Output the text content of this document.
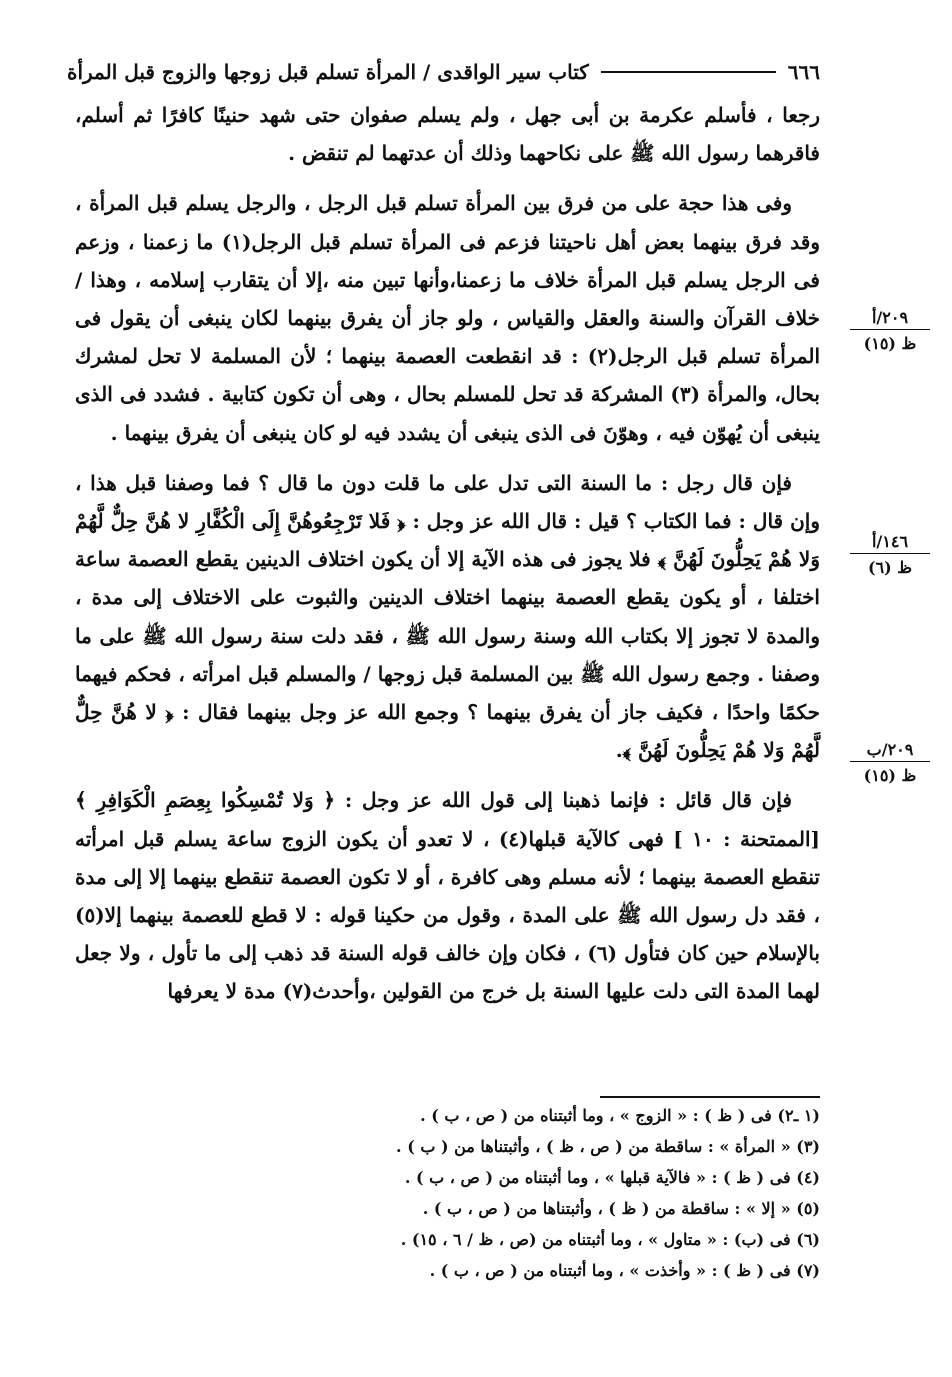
٦٦٦
كتاب سير الواقدى / المرأة تسلم قبل زوجها والزوج قبل المرأة

رجعا ، فأسلم عكرمة بن أبى جهل ، ولم يسلم صفوان حتى شهد حنينًا كافرًا ثم أسلم، فاقرهما رسول الله ﷺ على نكاحهما وذلك أن عدتهما لم تنقض .

وفى هذا حجة على من فرق بين المرأة تسلم قبل الرجل ، والرجل يسلم قبل المرأة ، وقد فرق بينهما بعض أهل ناحيتنا فزعم فى المرأة تسلم قبل الرجل(١) ما زعمنا ، وزعم فى الرجل يسلم قبل المرأة خلاف ما زعمنا،وأنها تبين منه ،إلا أن يتقارب إسلامه ، وهذا / خلاف القرآن والسنة والعقل والقياس ، ولو جاز أن يفرق بينهما لكان ينبغى أن يقول فى المرأة تسلم قبل الرجل(٢) : قد انقطعت العصمة بينهما ؛ لأن المسلمة لا تحل لمشرك بحال، والمرأة (٣) المشركة قد تحل للمسلم بحال ، وهى أن تكون كتابية . فشدد فى الذى ينبغى أن يُهوّن فيه ، وهوّنَ فى الذى ينبغى أن يشدد فيه لو كان ينبغى أن يفرق بينهما .

فإن قال رجل : ما السنة التى تدل على ما قلت دون ما قال ؟ فما وصفنا قبل هذا ، وإن قال : فما الكتاب ؟ قيل : قال الله عز وجل : ﴿ فَلا تَرْجِعُوهُنَّ إِلَى الْكُفَّارِ لا هُنَّ حِلٌّ لَّهُمْ وَلا هُمْ يَحِلُّونَ لَهُنَّ ﴾ فلا يجوز فى هذه الآية إلا أن يكون اختلاف الدينين يقطع العصمة ساعة اختلفا ، أو يكون يقطع العصمة بينهما اختلاف الدينين والثبوت على الاختلاف إلى مدة ، والمدة لا تجوز إلا بكتاب الله وسنة رسول الله ﷺ ، فقد دلت سنة رسول الله ﷺ على ما وصفنا . وجمع رسول الله ﷺ بين المسلمة قبل زوجها / والمسلم قبل امرأته ، فحكم فيهما حكمًا واحدًا ، فكيف جاز أن يفرق بينهما ؟ وجمع الله عز وجل بينهما فقال : ﴿ لا هُنَّ حِلٌّ لَّهُمْ وَلا هُمْ يَحِلُّونَ لَهُنَّ ﴾.

فإن قال قائل : فإنما ذهبنا إلى قول الله عز وجل : ﴿ وَلا تُمْسِكُوا بِعِصَمِ الْكَوَافِرِ ﴾ [الممتحنة : ١٠ ] فهى كالآية قبلها(٤) ، لا تعدو أن يكون الزوج ساعة يسلم قبل امرأته تنقطع العصمة بينهما ؛ لأنه مسلم وهى كافرة ، أو لا تكون العصمة تنقطع بينهما إلا إلى مدة ، فقد دل رسول الله ﷺ على المدة ، وقول من حكينا قوله : لا قطع للعصمة بينهما إلا(٥) بالإسلام حين كان فتأول (٦) ، فكان وإن خالف قوله السنة قد ذهب إلى ما تأول ، ولا جعل لهما المدة التى دلت عليها السنة بل خرج من القولين ،وأحدث(٧) مدة لا يعرفها

٢٠٩/أ
ظ (١٥)
١٤٦/أ
ظ (٦)
٢٠٩/ب
ظ (١٥)
(١ ـ٢) فى ( ظ ) : « الزوج » ، وما أثبتناه من ( ص ، ب ) .
(٣) « المرأة » : ساقطة من ( ص ، ظ ) ، وأثبتناها من ( ب ) .
(٤) فى ( ظ ) : « فالآية قبلها » ، وما أثبتناه من ( ص ، ب ) .
(٥) « إلا » : ساقطة من ( ظ ) ، وأثبتناها من ( ص ، ب ) .
(٦) فى (ب) : « متاول » ، وما أثبتناه من (ص ، ظ / ٦ ، ١٥) .
(٧) فى ( ظ ) : « وأخذت » ، وما أثبتناه من ( ص ، ب ) .
